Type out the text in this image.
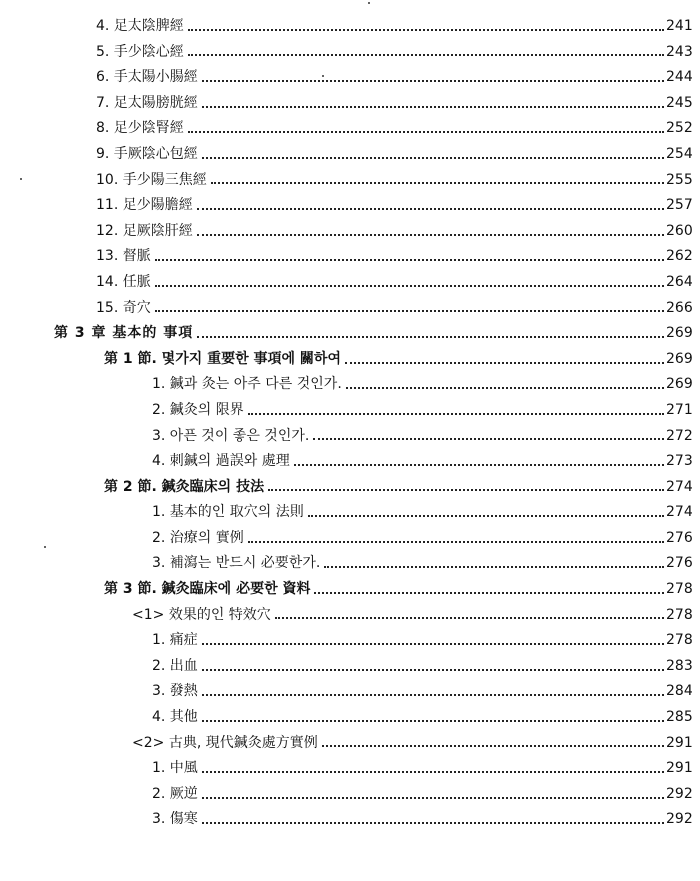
4. 足太陰脾經	241
5. 手少陰心經	243
6. 手太陽小腸經	244
7. 足太陽膀胱經	245
8. 足少陰腎經	252
9. 手厥陰心包經	254
10. 手少陽三焦經	255
11. 足少陽膽經	257
12. 足厥陰肝經	260
13. 督脈	262
14. 任脈	264
15. 奇穴	266
第 3 章 基本的 事項	269
第 1 節. 몇가지 重要한 事項에 關하여	269
1. 鍼과 灸는 아주 다른 것인가.	269
2. 鍼灸의 限界	271
3. 아픈 것이 좋은 것인가.	272
4. 刺鍼의 過誤와 處理	273
第 2 節. 鍼灸臨床의 技法	274
1. 基本的인 取穴의 法則	274
2. 治療의 實例	276
3. 補瀉는 반드시 必要한가.	276
第 3 節. 鍼灸臨床에 必要한 資料	278
<1> 效果的인 特效穴	278
1. 痛症	278
2. 出血	283
3. 發熱	284
4. 其他	285
<2> 古典, 現代鍼灸處方實例	291
1. 中風	291
2. 厥逆	292
3. 傷寒	292
